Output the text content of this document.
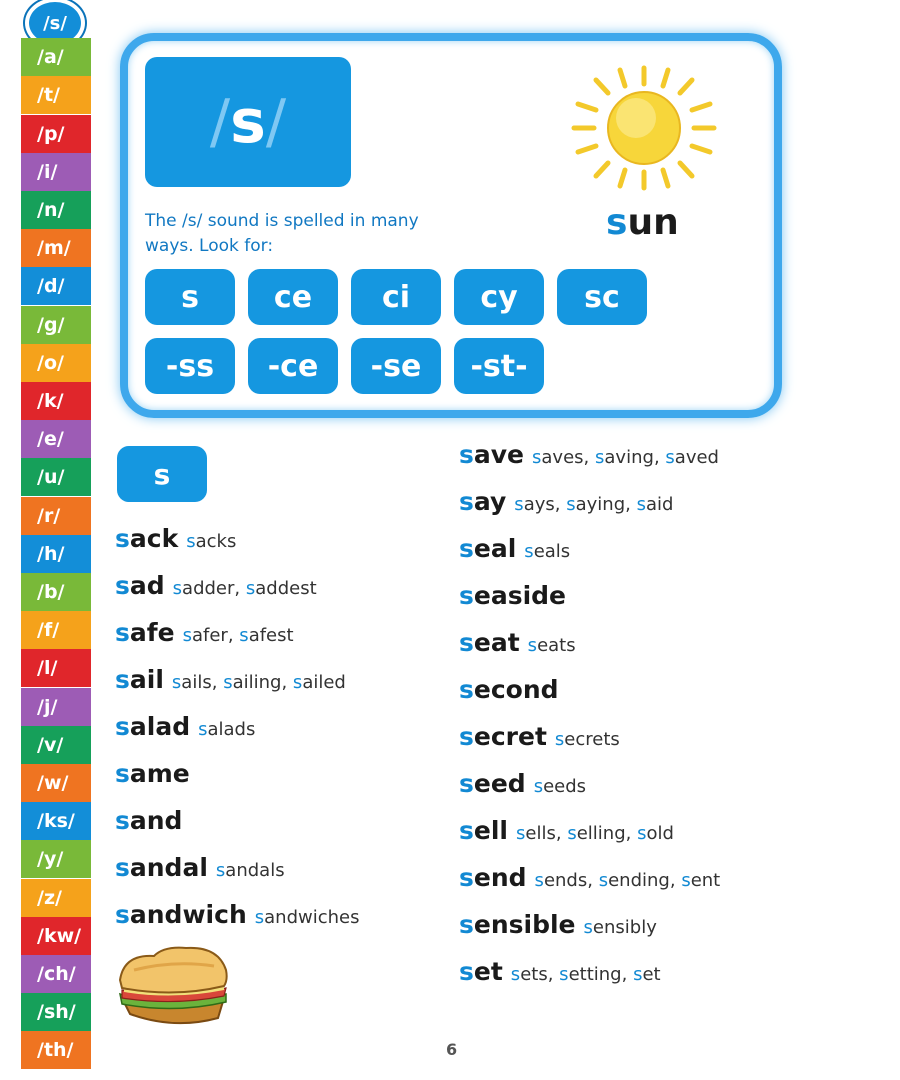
/s/
/a/
/t/
/p/
/i/
/n/
/m/
/d/
/g/
/o/
/k/
/e/
/u/
/r/
/h/
/b/
/f/
/l/
/j/
/v/
/w/
/ks/
/y/
/z/
/kw/
/ch/
/sh/
/th/
/ s /
The /s/ sound is spelled in many ways. Look for:
sun
s	ce	ci	cy	sc
-ss	-ce	-se	-st-
s
sack sacks
sad sadder, saddest
safe safer, safest
sail sails, sailing, sailed
salad salads
same
sand
sandal sandals
sandwich sandwiches
save saves, saving, saved
say says, saying, said
seal seals
seaside
seat seats
second
secret secrets
seed seeds
sell sells, selling, sold
send sends, sending, sent
sensible sensibly
set sets, setting, set
6
